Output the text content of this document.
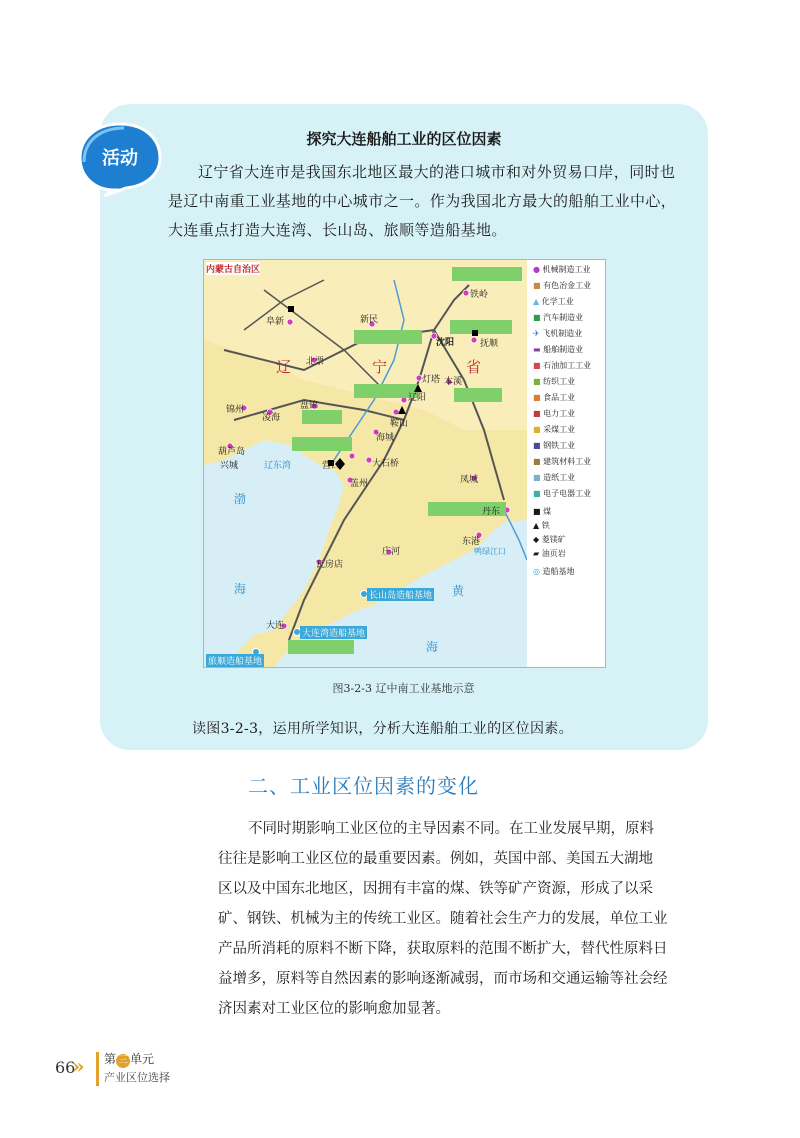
活动
探究大连船舶工业的区位因素
辽宁省大连市是我国东北地区最大的港口城市和对外贸易口岸，同时也
是辽中南重工业基地的中心城市之一。作为我国北方最大的船舶工业中心，
大连重点打造大连湾、长山岛、旅顺等造船基地。
内蒙古自治区
辽	宁	省
辽东湾
渤
海	黄
海
鸭绿江口
铁岭
阜新	新民
沈阳	抚顺
北票
灯塔 本溪
锦州
凌海
盘锦
辽阳
鞍山
葫芦岛
兴城
海城
营口	大石桥
盖州	凤城
丹东
东港
庄河
瓦房店
大连
长山岛造船基地
大连湾造船基地
旅顺造船基地
● 机械制造工业
■ 有色冶金工业
▲ 化学工业
■ 汽车制造业
✈ 飞机制造业
▬ 船舶制造业
■ 石油加工工业
■ 纺织工业
■ 食品工业
■ 电力工业
■ 采煤工业
■ 钢铁工业
■ 建筑材料工业
■ 造纸工业
■ 电子电器工业
■ 煤
▲ 铁
◆ 菱镁矿
▰ 油页岩
◎ 造船基地
图3-2-3 辽中南工业基地示意
读图3-2-3，运用所学知识，分析大连船舶工业的区位因素。
二、工业区位因素的变化
不同时期影响工业区位的主导因素不同。在工业发展早期，原料
往往是影响工业区位的最重要因素。例如，英国中部、美国五大湖地
区以及中国东北地区，因拥有丰富的煤、铁等矿产资源，形成了以采
矿、钢铁、机械为主的传统工业区。随着社会生产力的发展，单位工业
产品所消耗的原料不断下降，获取原料的范围不断扩大，替代性原料日
益增多，原料等自然因素的影响逐渐减弱，而市场和交通运输等社会经
济因素对工业区位的影响愈加显著。
66
» 第 三 单元
产业区位选择
